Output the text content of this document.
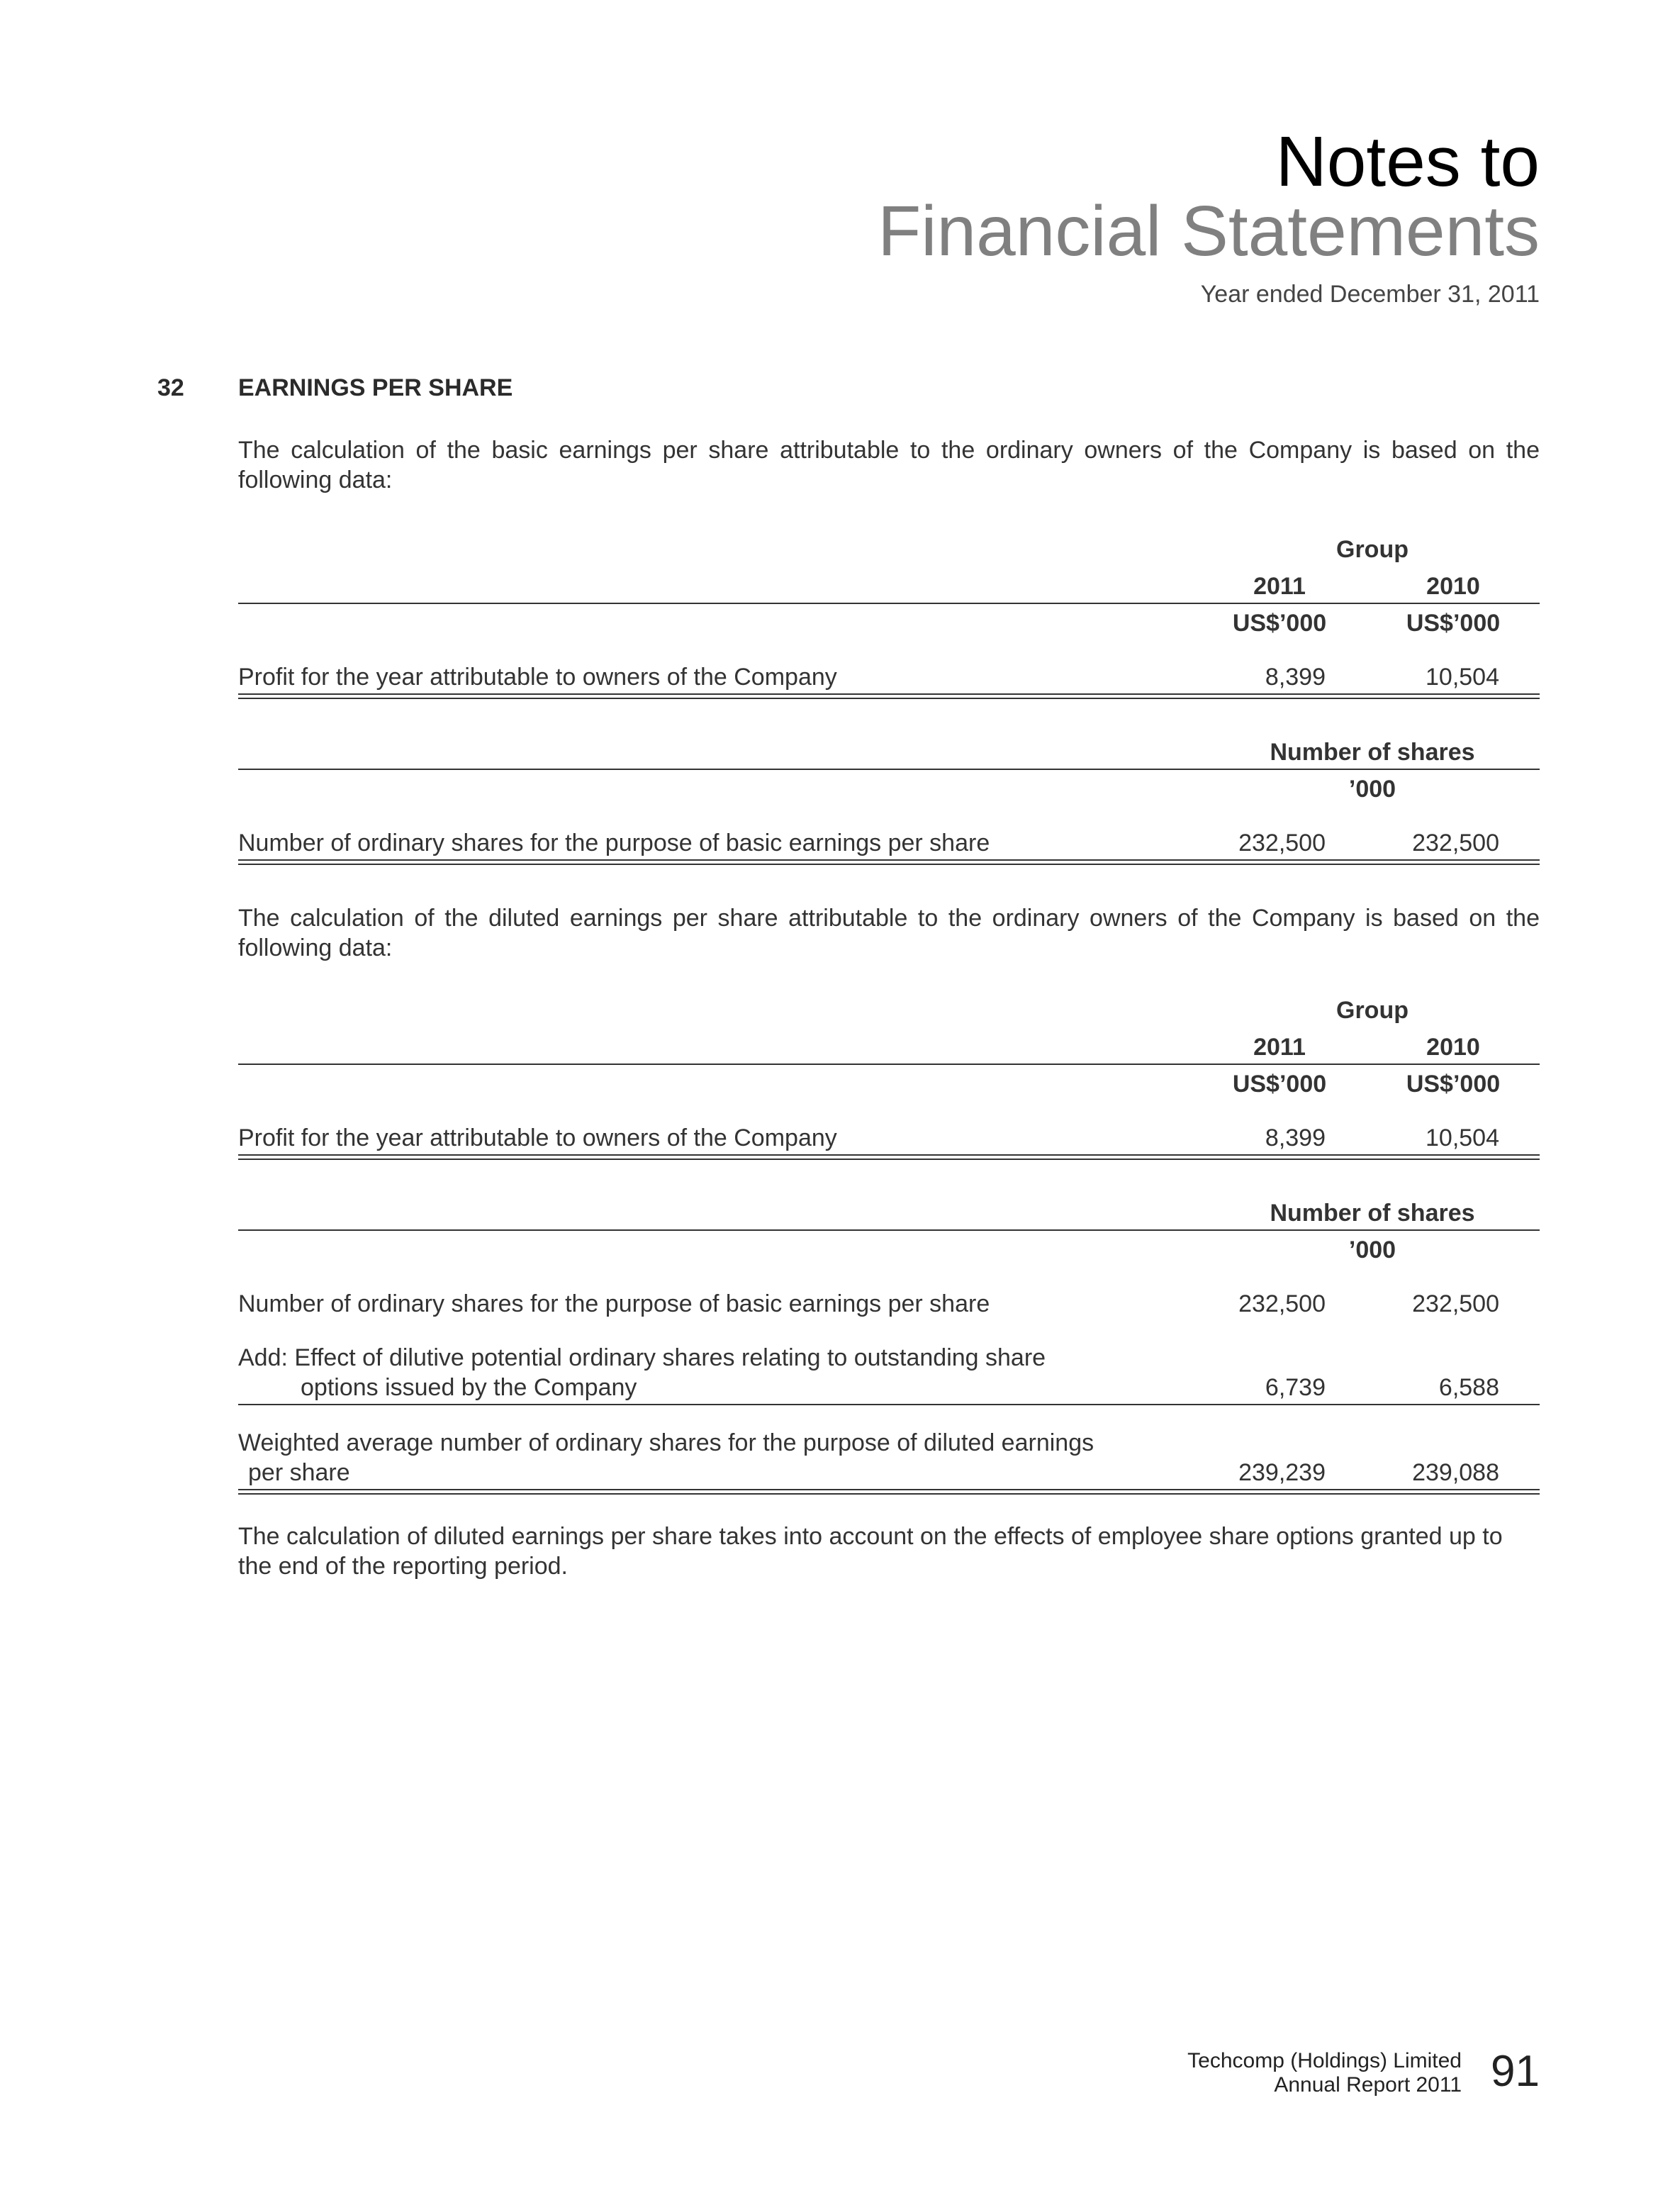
Notes to
Financial Statements
Year ended December 31, 2011
32 EARNINGS PER SHARE
The calculation of the basic earnings per share attributable to the ordinary owners of the Company is based on the following data:
Group
2011	2010
US$’000	US$’000
Profit for the year attributable to owners of the Company	8,399	10,504
Number of shares
’000
Number of ordinary shares for the purpose of basic earnings per share	232,500	232,500
The calculation of the diluted earnings per share attributable to the ordinary owners of the Company is based on the following data:
Group
2011	2010
US$’000	US$’000
Profit for the year attributable to owners of the Company	8,399	10,504
Number of shares
’000
Number of ordinary shares for the purpose of basic earnings per share	232,500	232,500
Add: Effect of dilutive potential ordinary shares relating to outstanding share
options issued by the Company	6,739	6,588
Weighted average number of ordinary shares for the purpose of diluted earnings
per share	239,239	239,088
The calculation of diluted earnings per share takes into account on the effects of employee share options granted up to the end of the reporting period.
Techcomp (Holdings) Limited
Annual Report 2011 91
